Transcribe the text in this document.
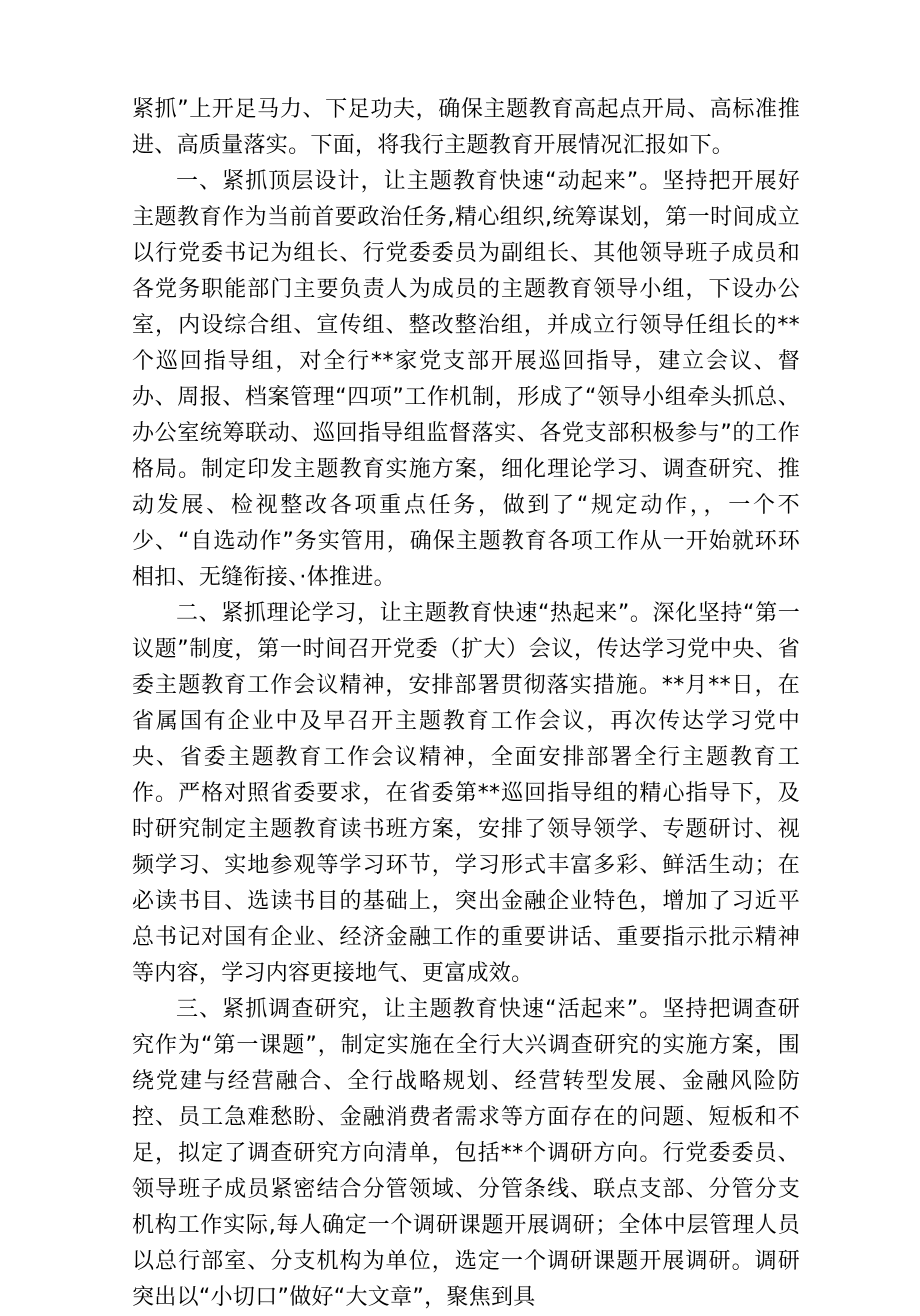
紧抓”上开足马力、下足功夫，确保主题教育高起点开局、高标准推进、高质量落实。下面，将我行主题教育开展情况汇报如下。

一、紧抓顶层设计，让主题教育快速“动起来”。坚持把开展好主题教育作为当前首要政治任务,精心组织,统筹谋划，第一时间成立以行党委书记为组长、行党委委员为副组长、其他领导班子成员和各党务职能部门主要负责人为成员的主题教育领导小组，下设办公室，内设综合组、宣传组、整改整治组，并成立行领导任组长的**个巡回指导组，对全行**家党支部开展巡回指导，建立会议、督办、周报、档案管理“四项”工作机制，形成了“领导小组牵头抓总、办公室统筹联动、巡回指导组监督落实、各党支部积极参与”的工作格局。制定印发主题教育实施方案，细化理论学习、调查研究、推动发展、检视整改各项重点任务，做到了“规定动作，，一个不少、“自选动作”务实管用，确保主题教育各项工作从一开始就环环相扣、无缝衔接、·体推进。

二、紧抓理论学习，让主题教育快速“热起来”。深化坚持“第一议题”制度，第一时间召开党委（扩大）会议，传达学习党中央、省委主题教育工作会议精神，安排部署贯彻落实措施。**月**日，在省属国有企业中及早召开主题教育工作会议，再次传达学习党中央、省委主题教育工作会议精神，全面安排部署全行主题教育工作。严格对照省委要求，在省委第**巡回指导组的精心指导下，及时研究制定主题教育读书班方案，安排了领导领学、专题研讨、视频学习、实地参观等学习环节，学习形式丰富多彩、鲜活生动；在必读书目、选读书目的基础上，突出金融企业特色，增加了习近平总书记对国有企业、经济金融工作的重要讲话、重要指示批示精神等内容，学习内容更接地气、更富成效。

三、紧抓调查研究，让主题教育快速“活起来”。坚持把调查研究作为“第一课题”，制定实施在全行大兴调查研究的实施方案，围绕党建与经营融合、全行战略规划、经营转型发展、金融风险防控、员工急难愁盼、金融消费者需求等方面存在的问题、短板和不足，拟定了调查研究方向清单，包括**个调研方向。行党委委员、领导班子成员紧密结合分管领域、分管条线、联点支部、分管分支机构工作实际,每人确定一个调研课题开展调研；全体中层管理人员以总行部室、分支机构为单位，选定一个调研课题开展调研。调研突出以“小切口”做好“大文章”，聚焦到具
